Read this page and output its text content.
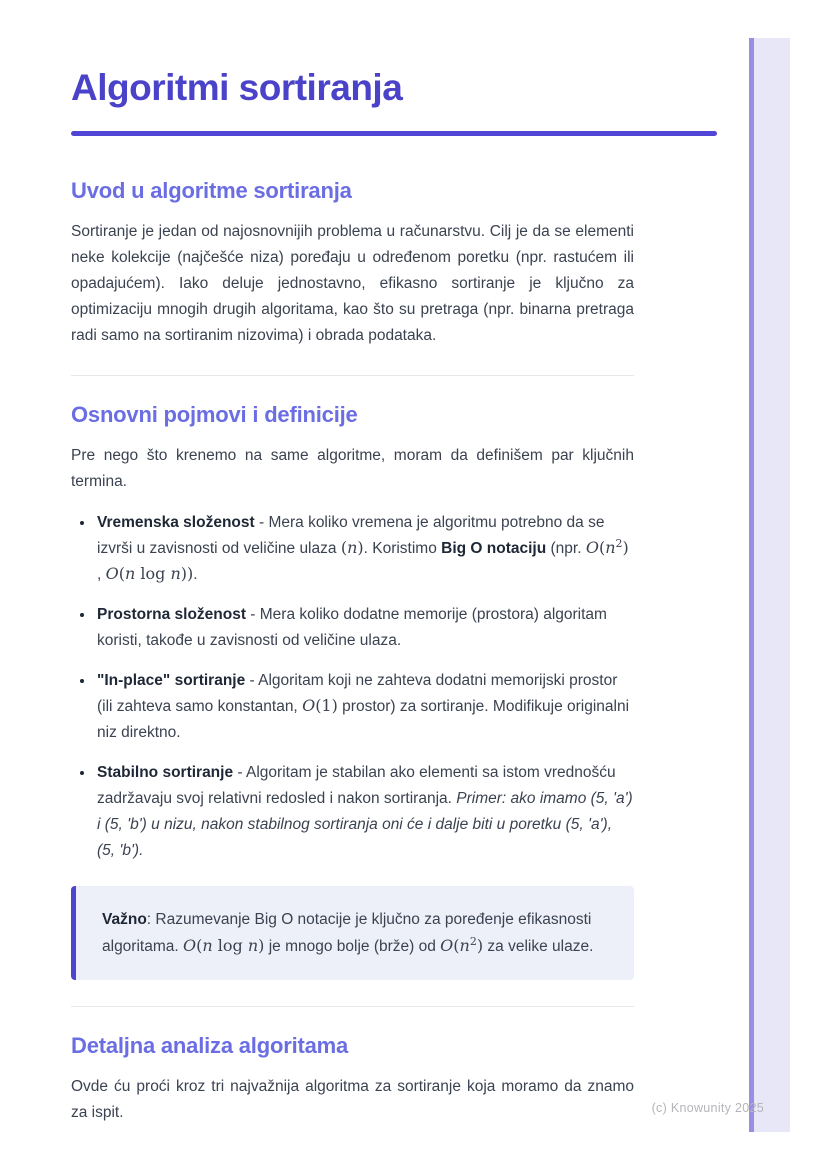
Algoritmi sortiranja
Uvod u algoritme sortiranja

Sortiranje je jedan od najosnovnijih problema u računarstvu. Cilj je da se elementi neke kolekcije (najčešće niza) poređaju u određenom poretku (npr. rastućem ili opadajućem). Iako deluje jednostavno, efikasno sortiranje je ključno za optimizaciju mnogih drugih algoritama, kao što su pretraga (npr. binarna pretraga radi samo na sortiranim nizovima) i obrada podataka.

Osnovni pojmovi i definicije

Pre nego što krenemo na same algoritme, moram da definišem par ključnih termina.

• Vremenska složenost - Mera koliko vremena je algoritmu potrebno da se izvrši u zavisnosti od veličine ulaza (n). Koristimo Big O notaciju (npr. $O(n^2)$ , O(n log n)).
• Prostorna složenost - Mera koliko dodatne memorije (prostora) algoritam koristi, takođe u zavisnosti od veličine ulaza.
• "In-place" sortiranje - Algoritam koji ne zahteva dodatni memorijski prostor (ili zahteva samo konstantan, O(1) prostor) za sortiranje. Modifikuje originalni niz direktno.
• Stabilno sortiranje - Algoritam je stabilan ako elementi sa istom vrednošću zadržavaju svoj relativni redosled i nakon sortiranja. Primer: ako imamo (5, 'a') i (5, 'b') u nizu, nakon stabilnog sortiranja oni će i dalje biti u poretku (5, 'a'), (5, 'b').

Važno: Razumevanje Big O notacije je ključno za poređenje efikasnosti algoritama. O(n log n) je mnogo bolje (brže) od $O(n^2)$ za velike ulaze.

Detaljna analiza algoritama

Ovde ću proći kroz tri najvažnija algoritma za sortiranje koja moramo da znamo za ispit.	(c) Knowunity 2025
